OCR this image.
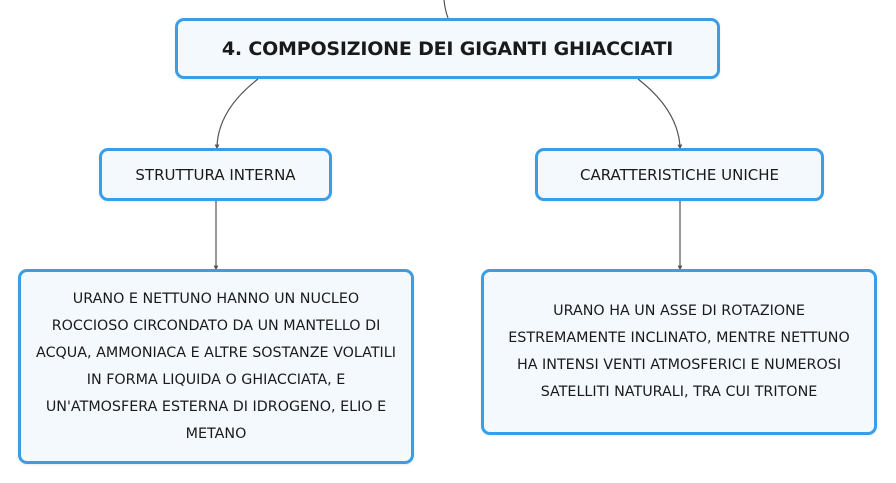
4. COMPOSIZIONE DEI GIGANTI GHIACCIATI
STRUTTURA INTERNA	CARATTERISTICHE UNICHE
URANO E NETTUNO HANNO UN NUCLEO ROCCIOSO CIRCONDATO DA UN MANTELLO DI ACQUA, AMMONIACA E ALTRE SOSTANZE VOLATILI IN FORMA LIQUIDA O GHIACCIATA, E UN'ATMOSFERA ESTERNA DI IDROGENO, ELIO E METANO
URANO HA UN ASSE DI ROTAZIONE ESTREMAMENTE INCLINATO, MENTRE NETTUNO HA INTENSI VENTI ATMOSFERICI E NUMEROSI SATELLITI NATURALI, TRA CUI TRITONE
